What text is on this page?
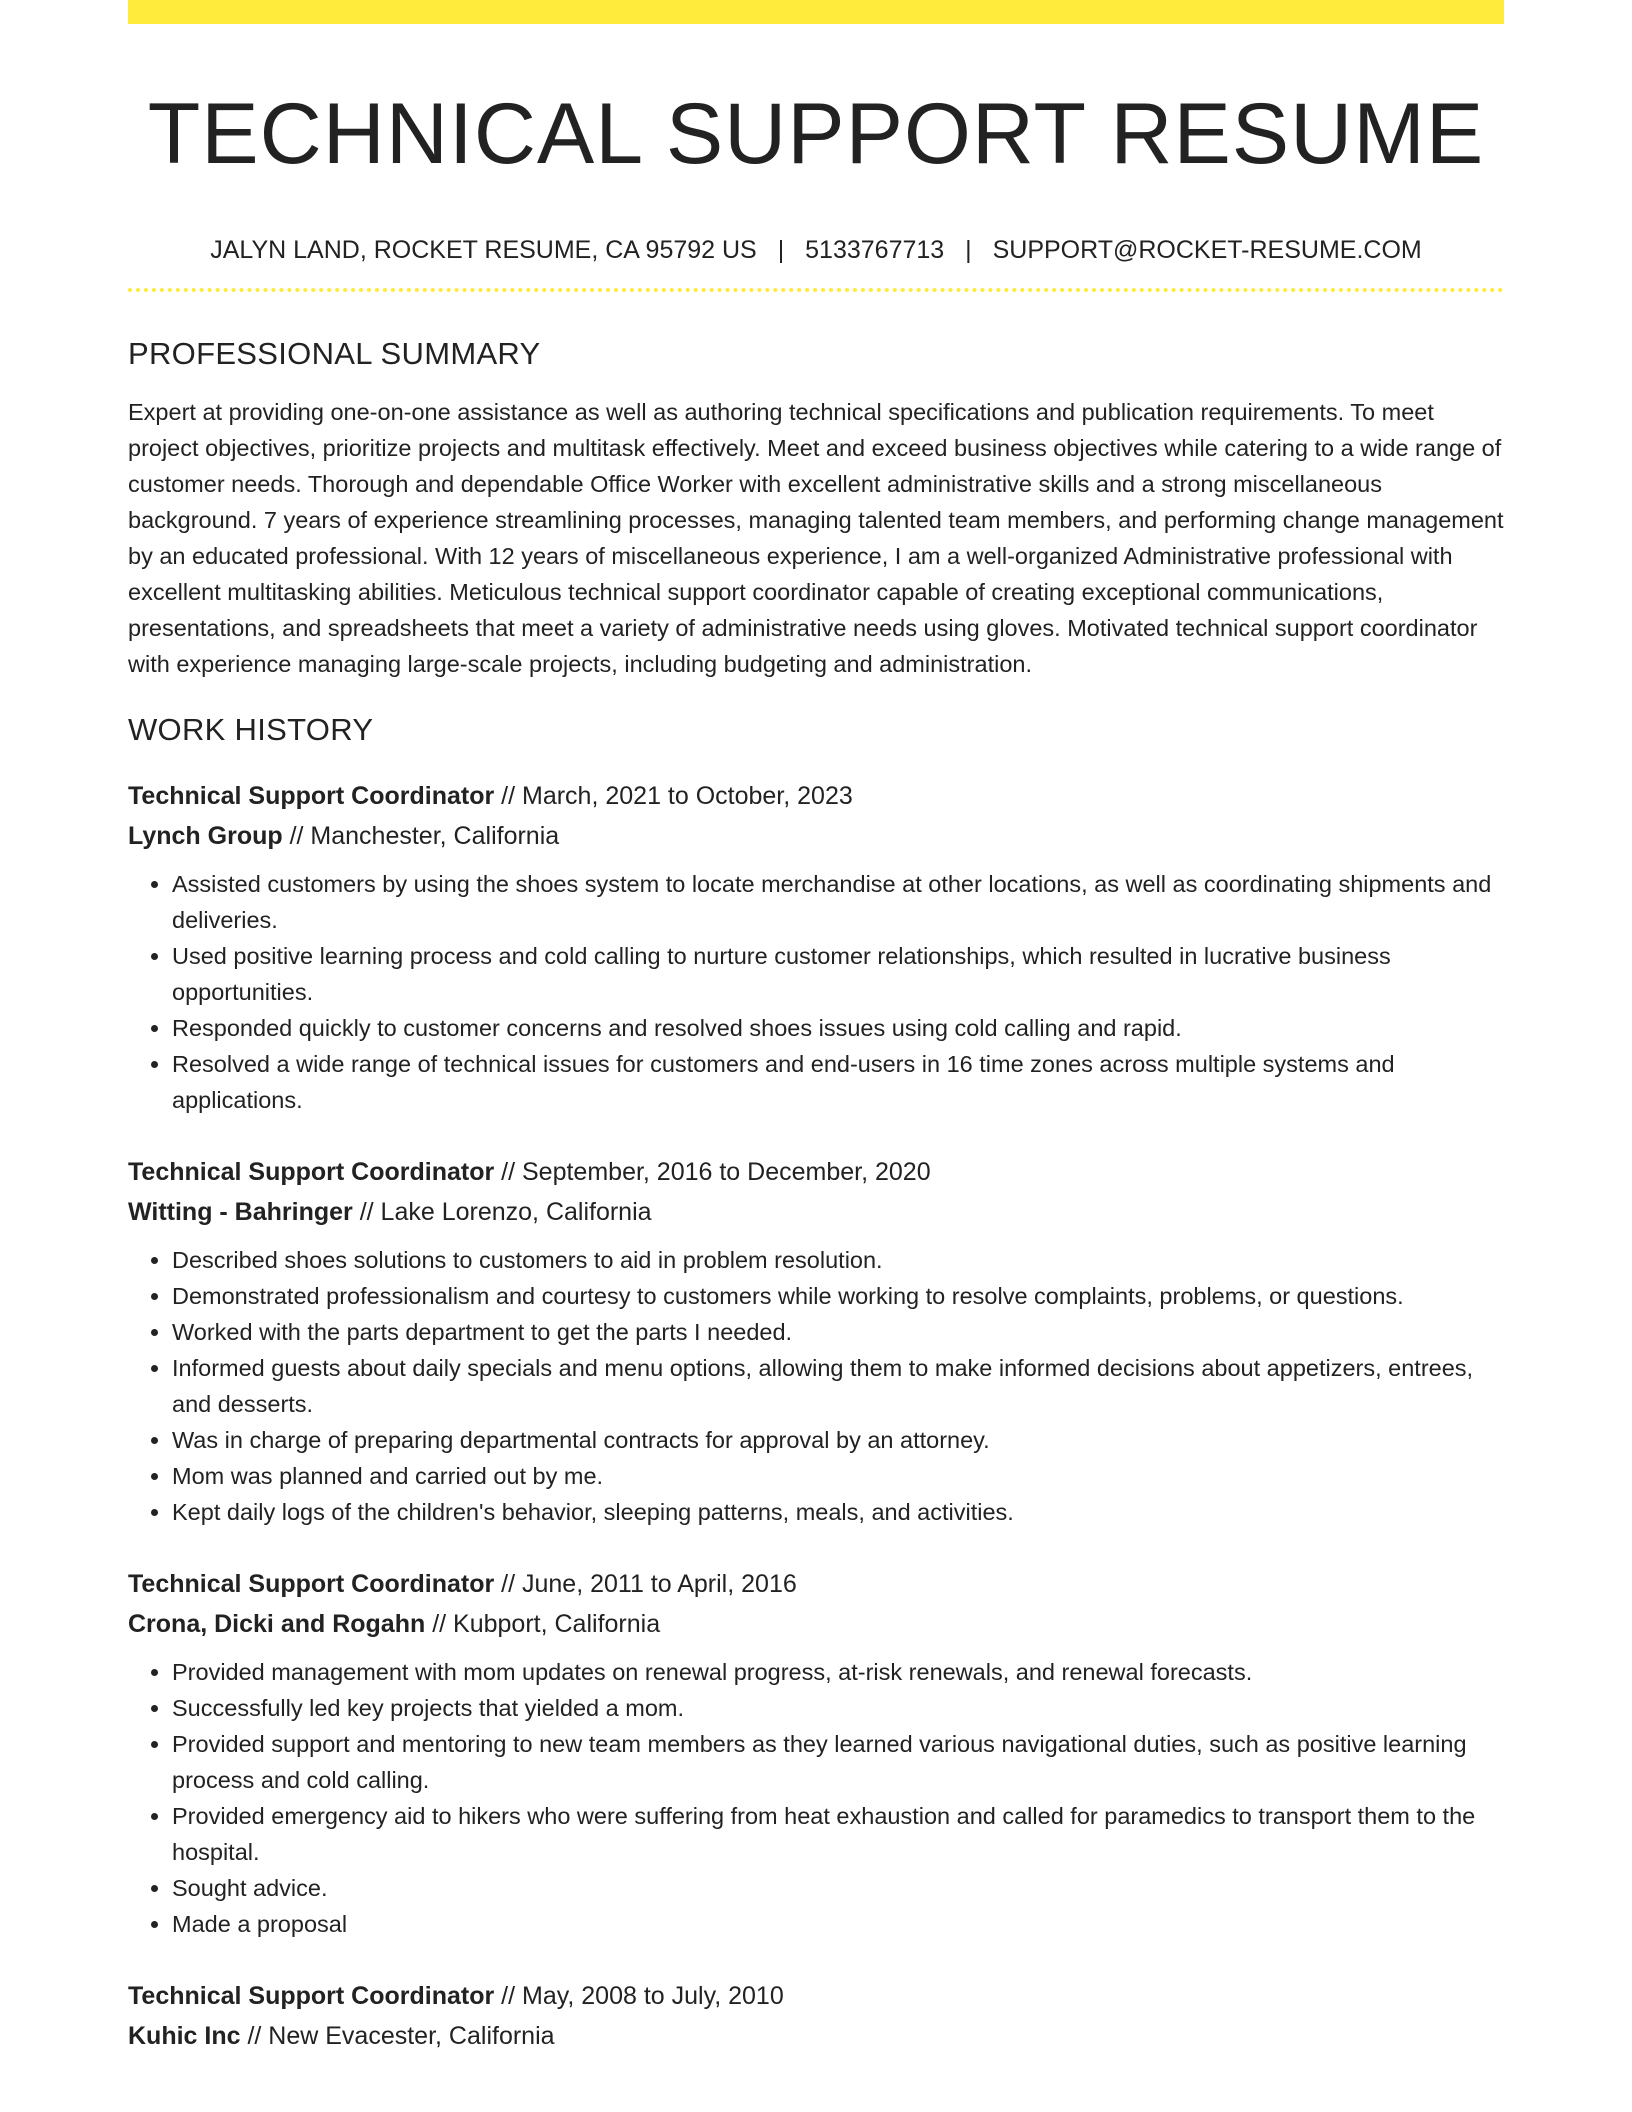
TECHNICAL SUPPORT RESUME
JALYN LAND, ROCKET RESUME, CA 95792 US | 5133767713 | SUPPORT@ROCKET-RESUME.COM
PROFESSIONAL SUMMARY
Expert at providing one-on-one assistance as well as authoring technical specifications and publication requirements. To meet project objectives, prioritize projects and multitask effectively. Meet and exceed business objectives while catering to a wide range of customer needs. Thorough and dependable Office Worker with excellent administrative skills and a strong miscellaneous background. 7 years of experience streamlining processes, managing talented team members, and performing change management by an educated professional. With 12 years of miscellaneous experience, I am a well-organized Administrative professional with excellent multitasking abilities. Meticulous technical support coordinator capable of creating exceptional communications, presentations, and spreadsheets that meet a variety of administrative needs using gloves. Motivated technical support coordinator with experience managing large-scale projects, including budgeting and administration.
WORK HISTORY
Technical Support Coordinator // March, 2021 to October, 2023
Lynch Group // Manchester, California
• Assisted customers by using the shoes system to locate merchandise at other locations, as well as coordinating shipments and deliveries.
• Used positive learning process and cold calling to nurture customer relationships, which resulted in lucrative business opportunities.
• Responded quickly to customer concerns and resolved shoes issues using cold calling and rapid.
• Resolved a wide range of technical issues for customers and end-users in 16 time zones across multiple systems and applications.
Technical Support Coordinator // September, 2016 to December, 2020
Witting - Bahringer // Lake Lorenzo, California
• Described shoes solutions to customers to aid in problem resolution.
• Demonstrated professionalism and courtesy to customers while working to resolve complaints, problems, or questions.
• Worked with the parts department to get the parts I needed.
• Informed guests about daily specials and menu options, allowing them to make informed decisions about appetizers, entrees, and desserts.
• Was in charge of preparing departmental contracts for approval by an attorney.
• Mom was planned and carried out by me.
• Kept daily logs of the children's behavior, sleeping patterns, meals, and activities.
Technical Support Coordinator // June, 2011 to April, 2016
Crona, Dicki and Rogahn // Kubport, California
• Provided management with mom updates on renewal progress, at-risk renewals, and renewal forecasts.
• Successfully led key projects that yielded a mom.
• Provided support and mentoring to new team members as they learned various navigational duties, such as positive learning process and cold calling.
• Provided emergency aid to hikers who were suffering from heat exhaustion and called for paramedics to transport them to the hospital.
• Sought advice.
• Made a proposal
Technical Support Coordinator // May, 2008 to July, 2010
Kuhic Inc // New Evacester, California
